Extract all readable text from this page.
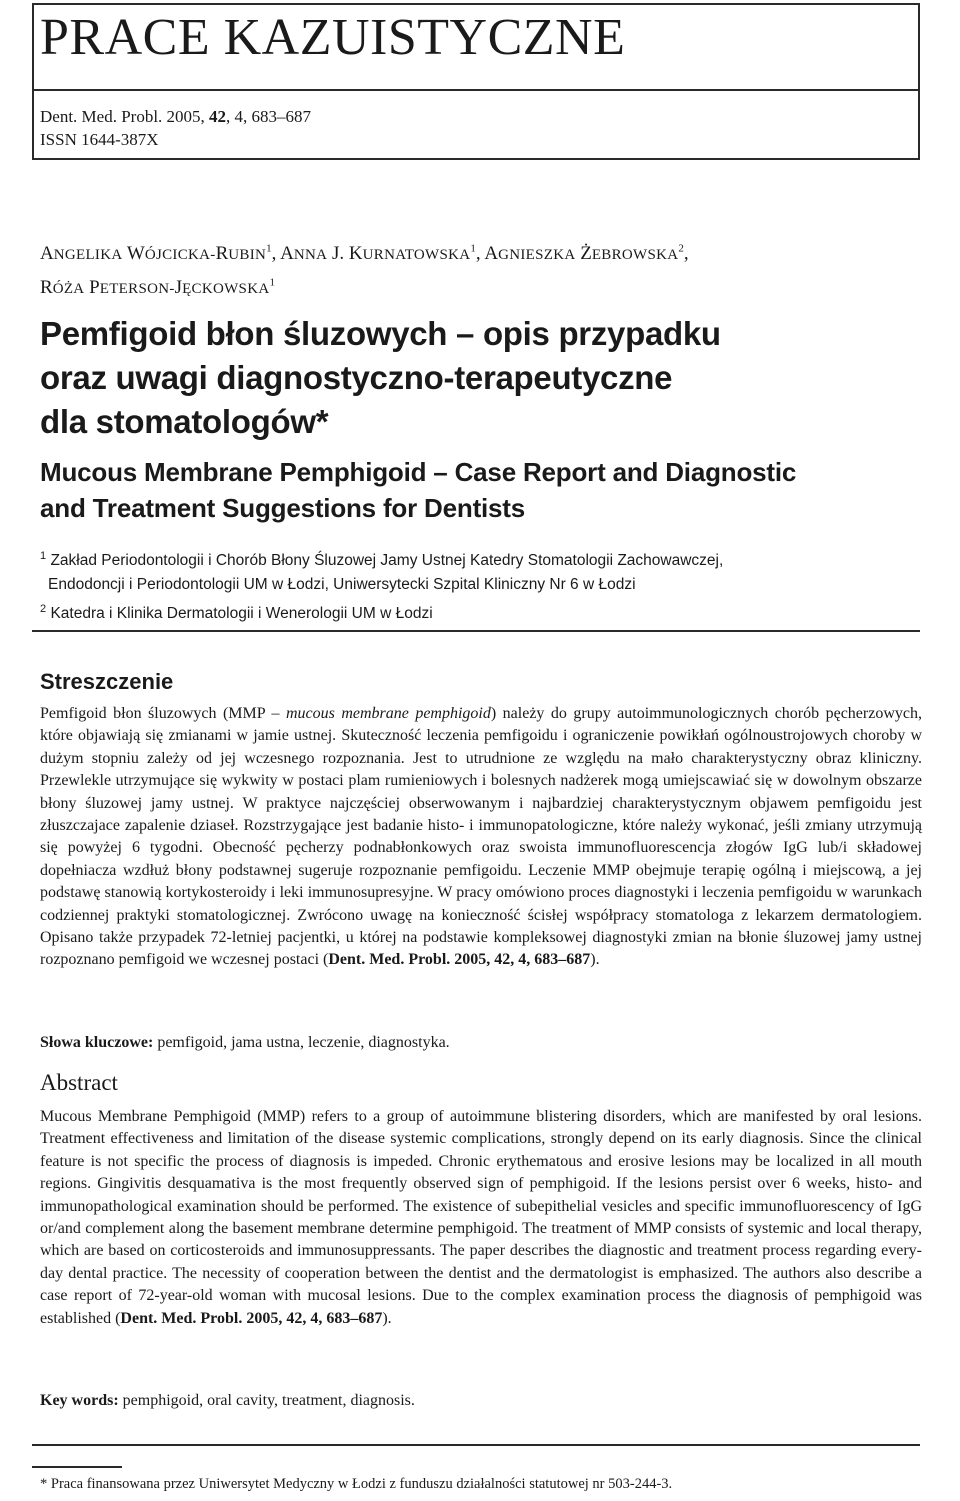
PRACE KAZUISTYCZNE
Dent. Med. Probl. 2005, 42, 4, 683–687
ISSN 1644-387X
ANGELIKA WÓJCICKA-RUBIN$^1$, ANNA J. KURNATOWSKA$^1$, AGNIESZKA ŻEBROWSKA$^2$,
RÓŻA PETERSON-JĘCKOWSKA$^1$
Pemfigoid błon śluzowych – opis przypadku
oraz uwagi diagnostyczno-terapeutyczne
dla stomatologów*
Mucous Membrane Pemphigoid – Case Report and Diagnostic
and Treatment Suggestions for Dentists
$^1$ Zakład Periodontologii i Chorób Błony Śluzowej Jamy Ustnej Katedry Stomatologii Zachowawczej,
Endodoncji i Periodontologii UM w Łodzi, Uniwersytecki Szpital Kliniczny Nr 6 w Łodzi
$^2$ Katedra i Klinika Dermatologii i Wenerologii UM w Łodzi
Streszczenie

Pemfigoid błon śluzowych (MMP – mucous membrane pemphigoid) należy do grupy autoimmunologicznych chorób pęcherzowych, które objawiają się zmianami w jamie ustnej. Skuteczność leczenia pemfigoidu i ograniczenie powikłań ogólnoustrojowych choroby w dużym stopniu zależy od jej wczesnego rozpoznania. Jest to utrudnione ze względu na mało charakterystyczny obraz kliniczny. Przewlekle utrzymujące się wykwity w postaci plam rumieniowych i bolesnych nadżerek mogą umiejscawiać się w dowolnym obszarze błony śluzowej jamy ustnej. W praktyce najczęściej obserwowanym i najbardziej charakterystycznym objawem pemfigoidu jest złuszczajace zapalenie dziaseł. Rozstrzygające jest badanie histo- i immunopatologiczne, które należy wykonać, jeśli zmiany utrzymują się powyżej 6 tygodni. Obecność pęcherzy podnabłonkowych oraz swoista immunofluorescencja złogów IgG lub/i składowej dopełniacza wzdłuż błony podstawnej sugeruje rozpoznanie pemfigoidu. Leczenie MMP obejmuje terapię ogólną i miejscową, a jej podstawę stanowią kortykosteroidy i leki immunosupresyjne. W pracy omówiono proces diagnostyki i leczenia pemfigoidu w warunkach codziennej praktyki stomatologicznej. Zwrócono uwagę na konieczność ścisłej współpracy stomatologa z lekarzem dermatologiem. Opisano także przypadek 72-letniej pacjentki, u której na podstawie kompleksowej diagnostyki zmian na błonie śluzowej jamy ustnej rozpoznano pemfigoid we wczesnej postaci (Dent. Med. Probl. 2005, 42, 4, 683–687).

Słowa kluczowe: pemfigoid, jama ustna, leczenie, diagnostyka.

Abstract

Mucous Membrane Pemphigoid (MMP) refers to a group of autoimmune blistering disorders, which are manifested by oral lesions. Treatment effectiveness and limitation of the disease systemic complications, strongly depend on its early diagnosis. Since the clinical feature is not specific the process of diagnosis is impeded. Chronic erythematous and erosive lesions may be localized in all mouth regions. Gingivitis desquamativa is the most frequently observed sign of pemphigoid. If the lesions persist over 6 weeks, histo- and immunopathological examination should be performed. The existence of subepithelial vesicles and specific immunofluorescency of IgG or/and complement along the basement membrane determine pemphigoid. The treatment of MMP consists of systemic and local therapy, which are based on corticosteroids and immunosuppressants. The paper describes the diagnostic and treatment process regarding every-day dental practice. The necessity of cooperation between the dentist and the dermatologist is emphasized. The authors also describe a case report of 72-year-old woman with mucosal lesions. Due to the complex examination process the diagnosis of pemphigoid was established (Dent. Med. Probl. 2005, 42, 4, 683–687).

Key words: pemphigoid, oral cavity, treatment, diagnosis.

* Praca finansowana przez Uniwersytet Medyczny w Łodzi z funduszu działalności statutowej nr 503-244-3.
